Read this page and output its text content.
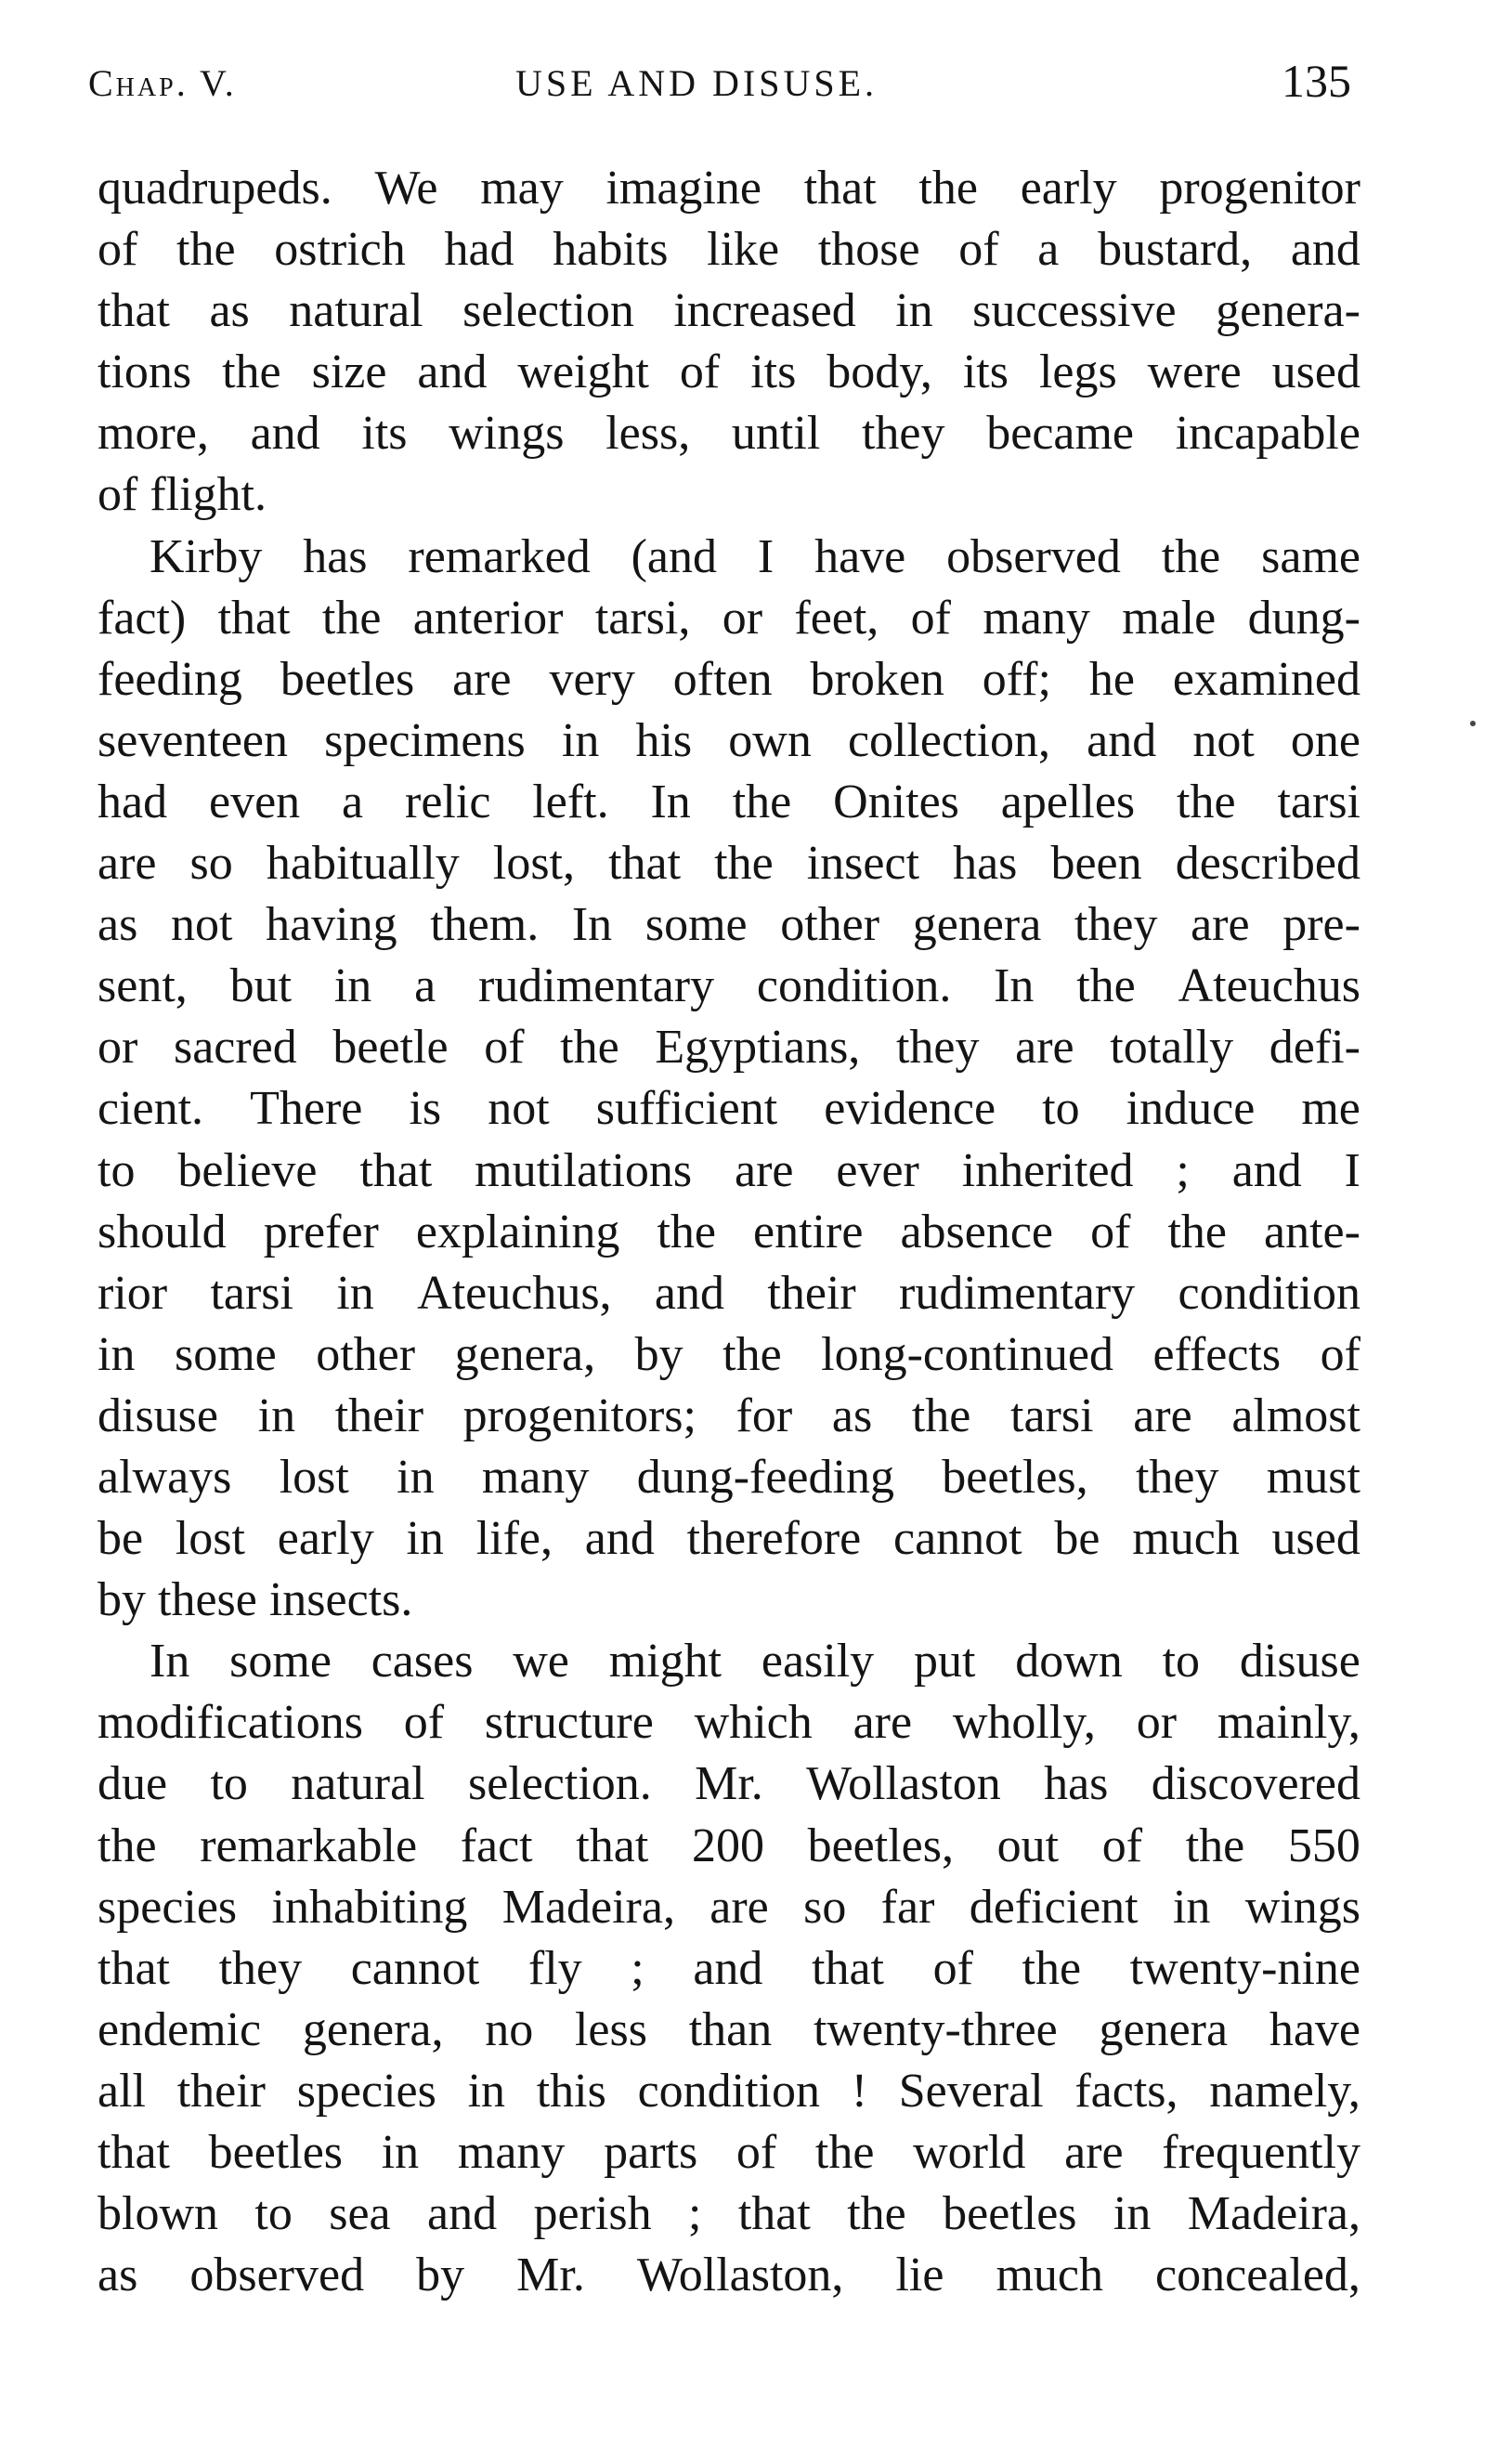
Chap. V.	USE AND DISUSE.	135
quadrupeds. We may imagine that the early progenitor
of the ostrich had habits like those of a bustard, and
that as natural selection increased in successive genera-
tions the size and weight of its body, its legs were used
more, and its wings less, until they became incapable
of flight.
Kirby has remarked (and I have observed the same
fact) that the anterior tarsi, or feet, of many male dung-
feeding beetles are very often broken off; he examined
seventeen specimens in his own collection, and not one
had even a relic left. In the Onites apelles the tarsi
are so habitually lost, that the insect has been described
as not having them. In some other genera they are pre-
sent, but in a rudimentary condition. In the Ateuchus
or sacred beetle of the Egyptians, they are totally defi-
cient. There is not sufficient evidence to induce me
to believe that mutilations are ever inherited ; and I
should prefer explaining the entire absence of the ante-
rior tarsi in Ateuchus, and their rudimentary condition
in some other genera, by the long-continued effects of
disuse in their progenitors; for as the tarsi are almost
always lost in many dung-feeding beetles, they must
be lost early in life, and therefore cannot be much used
by these insects.
In some cases we might easily put down to disuse
modifications of structure which are wholly, or mainly,
due to natural selection. Mr. Wollaston has discovered
the remarkable fact that 200 beetles, out of the 550
species inhabiting Madeira, are so far deficient in wings
that they cannot fly ; and that of the twenty-nine
endemic genera, no less than twenty-three genera have
all their species in this condition ! Several facts, namely,
that beetles in many parts of the world are frequently
blown to sea and perish ; that the beetles in Madeira,
as observed by Mr. Wollaston, lie much concealed,
